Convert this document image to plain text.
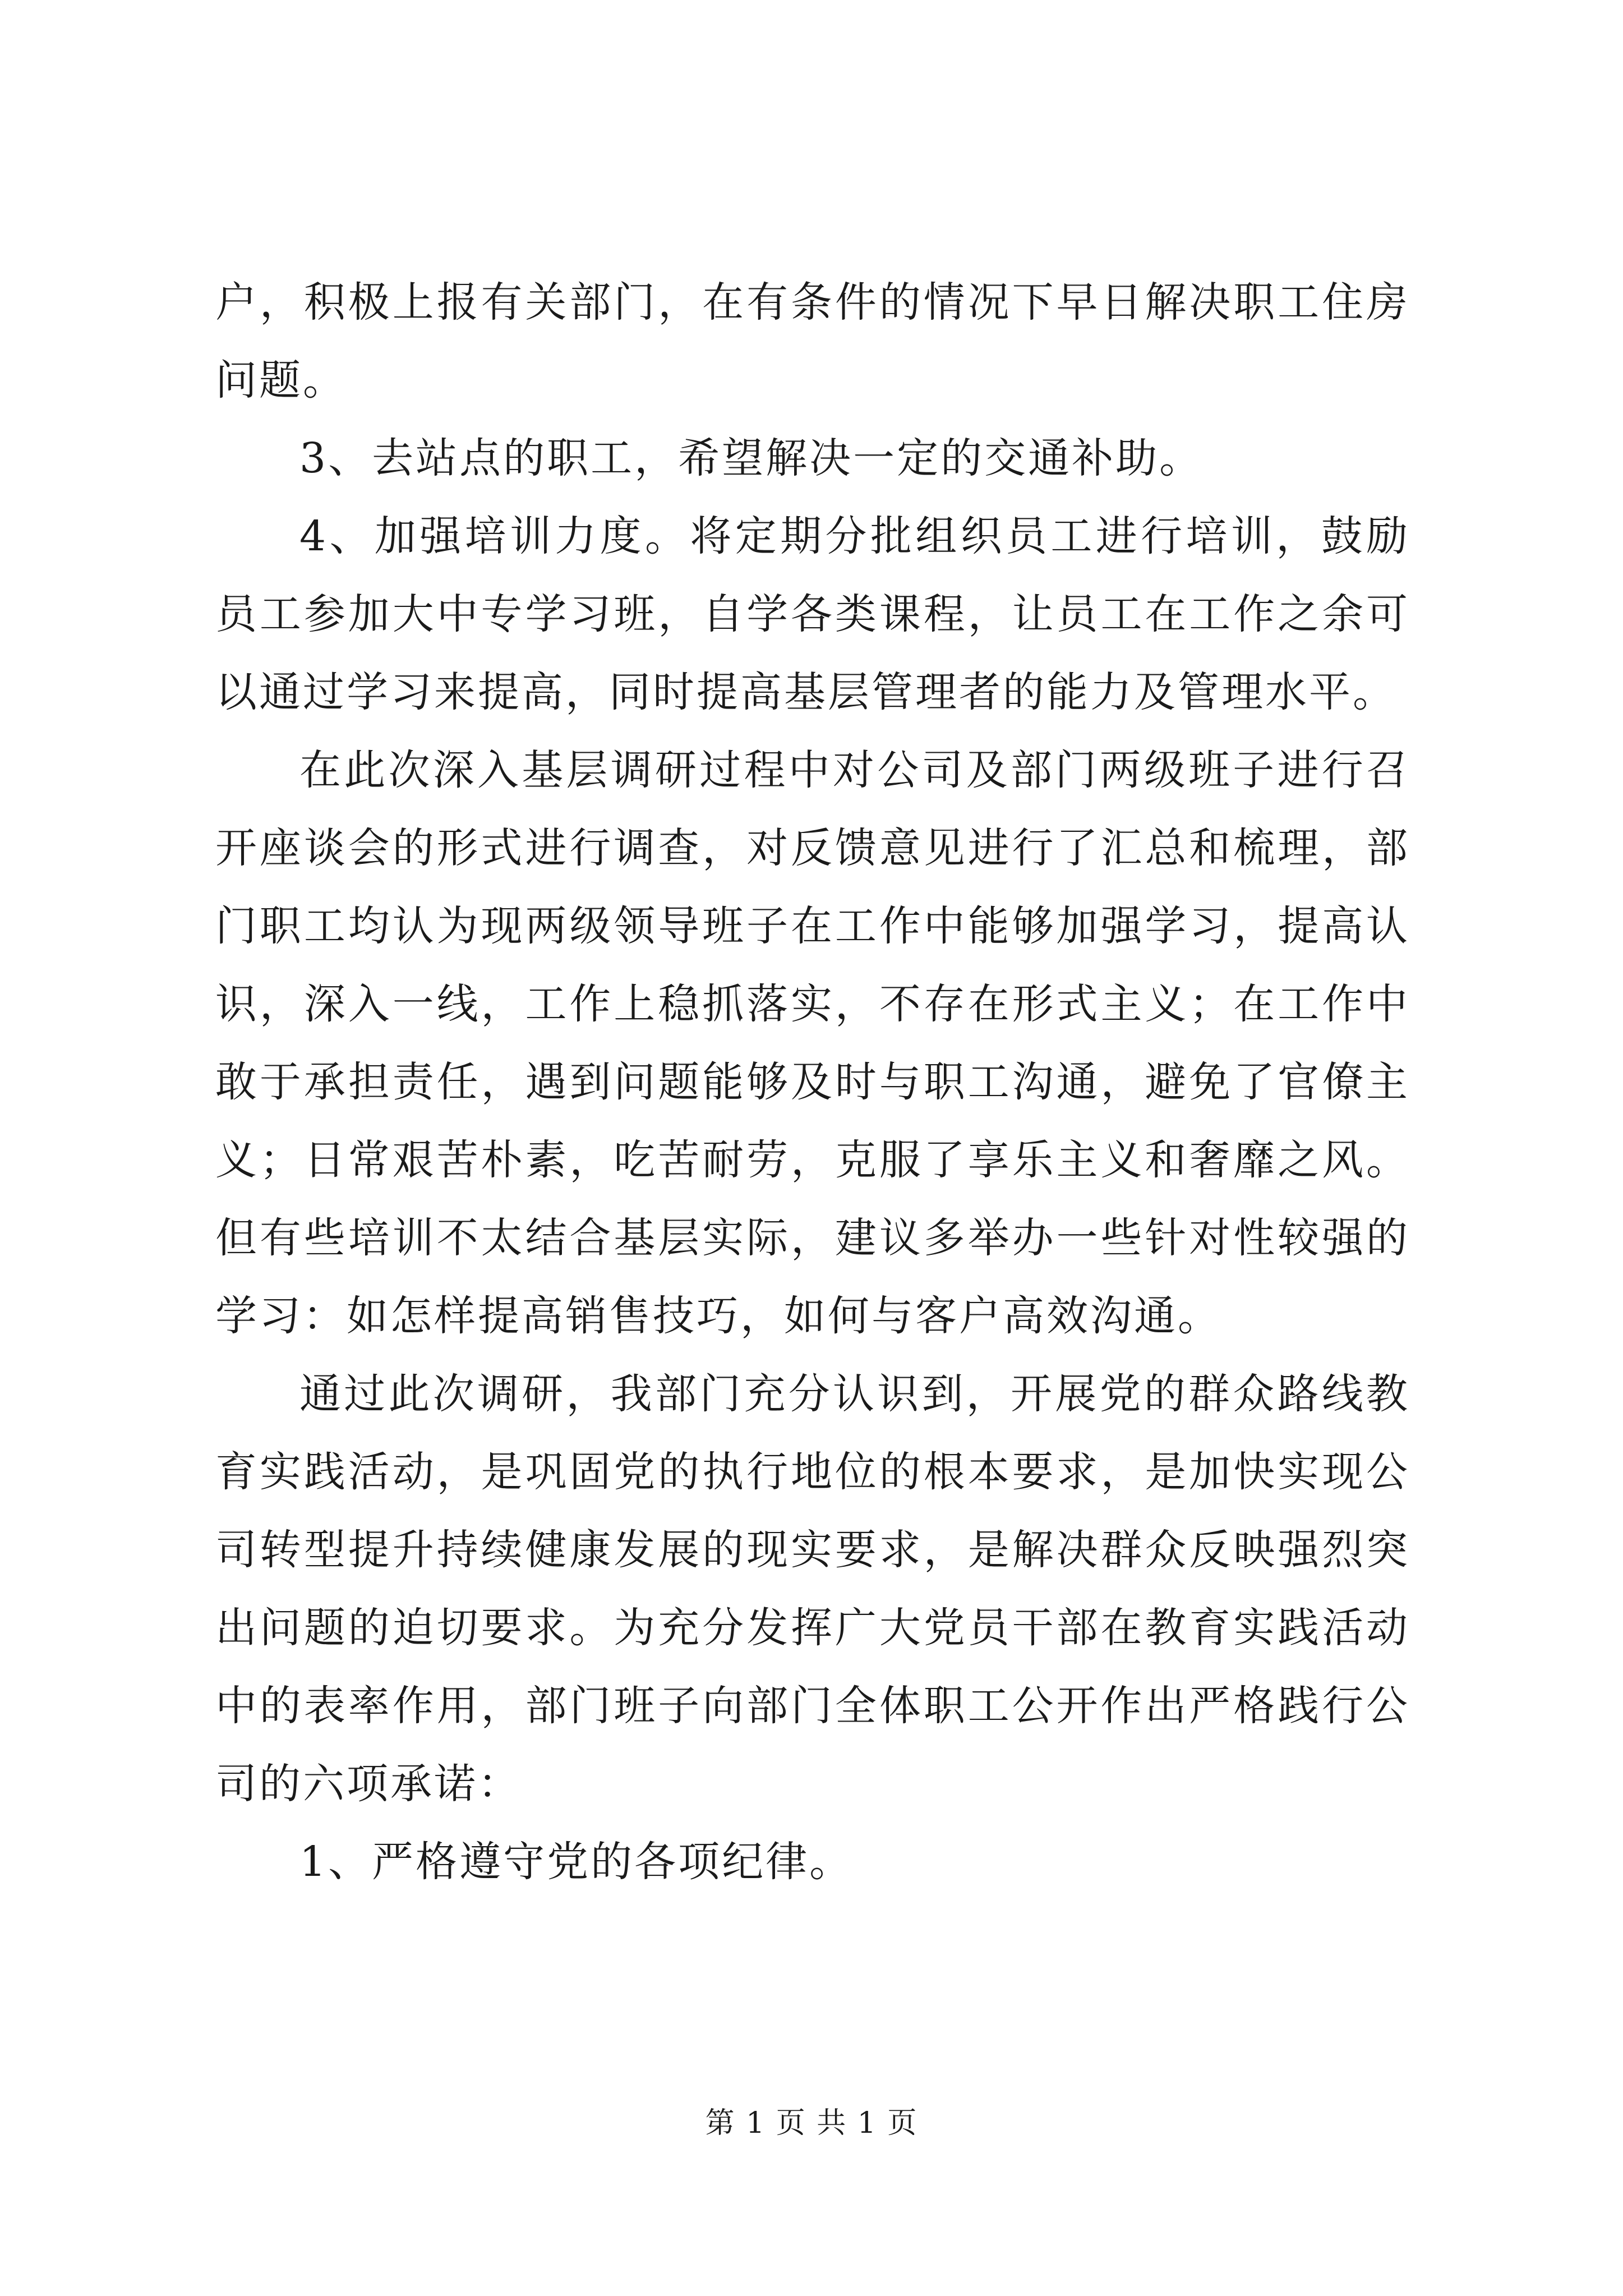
户，积极上报有关部门，在有条件的情况下早日解决职工住房问题。

3、去站点的职工，希望解决一定的交通补助。

4、加强培训力度。将定期分批组织员工进行培训，鼓励员工参加大中专学习班，自学各类课程，让员工在工作之余可以通过学习来提高，同时提高基层管理者的能力及管理水平。

在此次深入基层调研过程中对公司及部门两级班子进行召开座谈会的形式进行调查，对反馈意见进行了汇总和梳理，部门职工均认为现两级领导班子在工作中能够加强学习，提高认识，深入一线，工作上稳抓落实，不存在形式主义；在工作中敢于承担责任，遇到问题能够及时与职工沟通，避免了官僚主义；日常艰苦朴素，吃苦耐劳，克服了享乐主义和奢靡之风。但有些培训不太结合基层实际，建议多举办一些针对性较强的学习：如怎样提高销售技巧，如何与客户高效沟通。

通过此次调研，我部门充分认识到，开展党的群众路线教育实践活动，是巩固党的执行地位的根本要求，是加快实现公司转型提升持续健康发展的现实要求，是解决群众反映强烈突出问题的迫切要求。为充分发挥广大党员干部在教育实践活动中的表率作用，部门班子向部门全体职工公开作出严格践行公司的六项承诺：

1、严格遵守党的各项纪律。

第 1 页 共 1 页
